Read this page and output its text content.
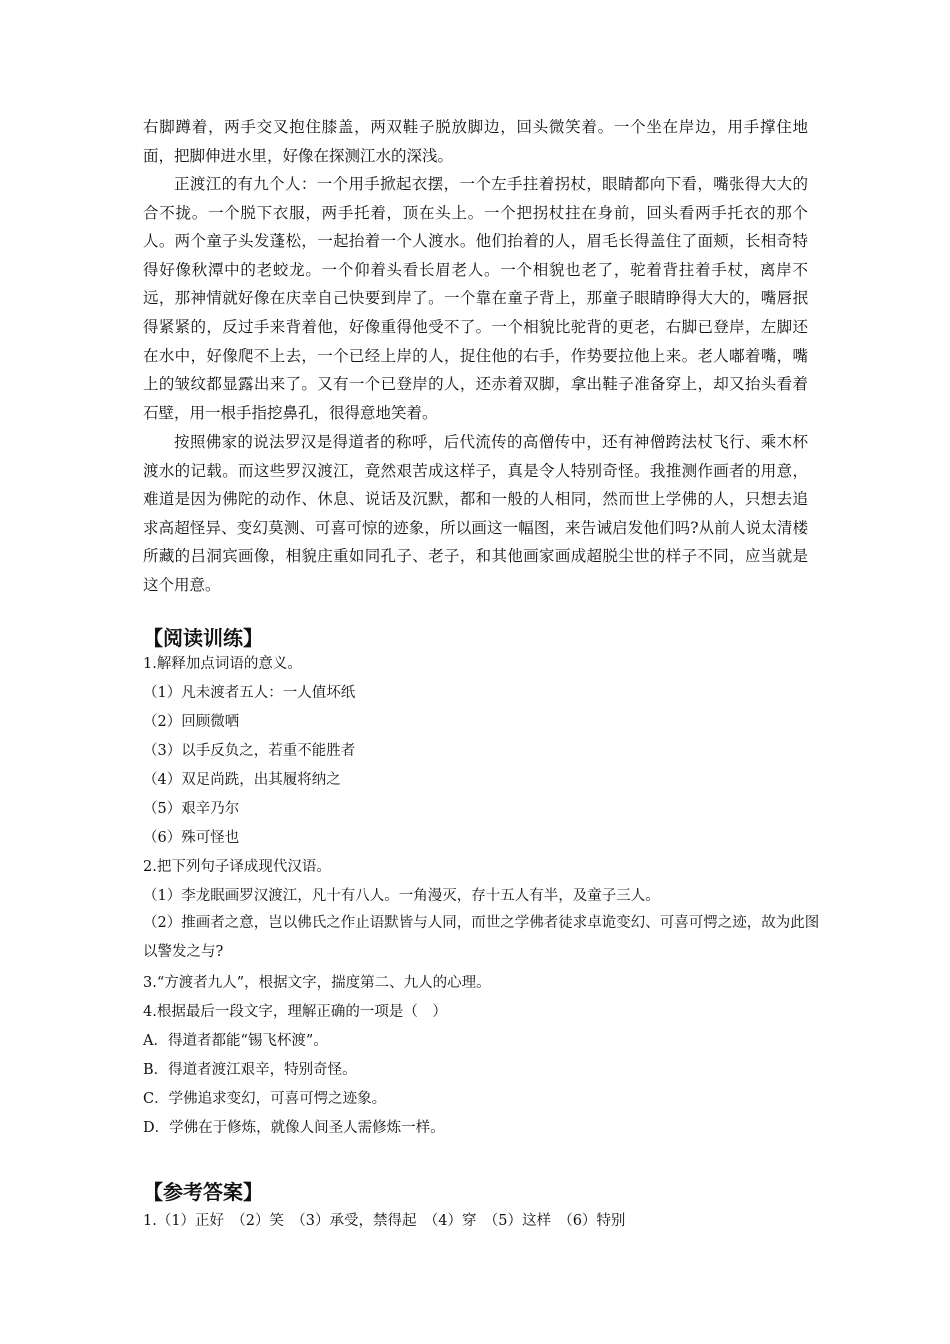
右脚蹲着，两手交叉抱住膝盖，两双鞋子脱放脚边，回头微笑着。一个坐在岸边，用手撑住地面，把脚伸进水里，好像在探测江水的深浅。

正渡江的有九个人：一个用手掀起衣摆，一个左手拄着拐杖，眼睛都向下看，嘴张得大大的合不拢。一个脱下衣服，两手托着，顶在头上。一个把拐杖拄在身前，回头看两手托衣的那个人。两个童子头发蓬松，一起抬着一个人渡水。他们抬着的人，眉毛长得盖住了面颊，长相奇特得好像秋潭中的老蛟龙。一个仰着头看长眉老人。一个相貌也老了，驼着背拄着手杖，离岸不远，那神情就好像在庆幸自己快要到岸了。一个靠在童子背上，那童子眼睛睁得大大的，嘴唇抿得紧紧的，反过手来背着他，好像重得他受不了。一个相貌比驼背的更老，右脚已登岸，左脚还在水中，好像爬不上去，一个已经上岸的人，捉住他的右手，作势要拉他上来。老人嘟着嘴，嘴上的皱纹都显露出来了。又有一个已登岸的人，还赤着双脚，拿出鞋子准备穿上，却又抬头看着石壁，用一根手指挖鼻孔，很得意地笑着。

按照佛家的说法罗汉是得道者的称呼，后代流传的高僧传中，还有神僧跨法杖飞行、乘木杯渡水的记载。而这些罗汉渡江，竟然艰苦成这样子，真是令人特别奇怪。我推测作画者的用意，难道是因为佛陀的动作、休息、说话及沉默，都和一般的人相同，然而世上学佛的人，只想去追求高超怪异、变幻莫测、可喜可惊的迹象，所以画这一幅图，来告诫启发他们吗?从前人说太清楼所藏的吕洞宾画像，相貌庄重如同孔子、老子，和其他画家画成超脱尘世的样子不同，应当就是这个用意。

【阅读训练】

1.解释加点词语的意义。

（1）凡未渡者五人：一人值坏纸

（2）回顾微哂

（3）以手反负之，若重不能胜者

（4）双足尚跣，出其履将纳之

（5）艰辛乃尔

（6）殊可怪也

2.把下列句子译成现代汉语。

（1）李龙眠画罗汉渡江，凡十有八人。一角漫灭，存十五人有半，及童子三人。

（2）推画者之意，岂以佛氏之作止语默皆与人同，而世之学佛者徒求卓诡变幻、可喜可愕之迹，故为此图以警发之与?

3.“方渡者九人”，根据文字，揣度第二、九人的心理。

4.根据最后一段文字，理解正确的一项是（　）

A．得道者都能“锡飞杯渡”。

B．得道者渡江艰辛，特别奇怪。

C．学佛追求变幻，可喜可愕之迹象。

D．学佛在于修炼，就像人间圣人需修炼一样。

【参考答案】

1.（1）正好　（2）笑　（3）承受，禁得起　（4）穿　（5）这样　（6）特别
